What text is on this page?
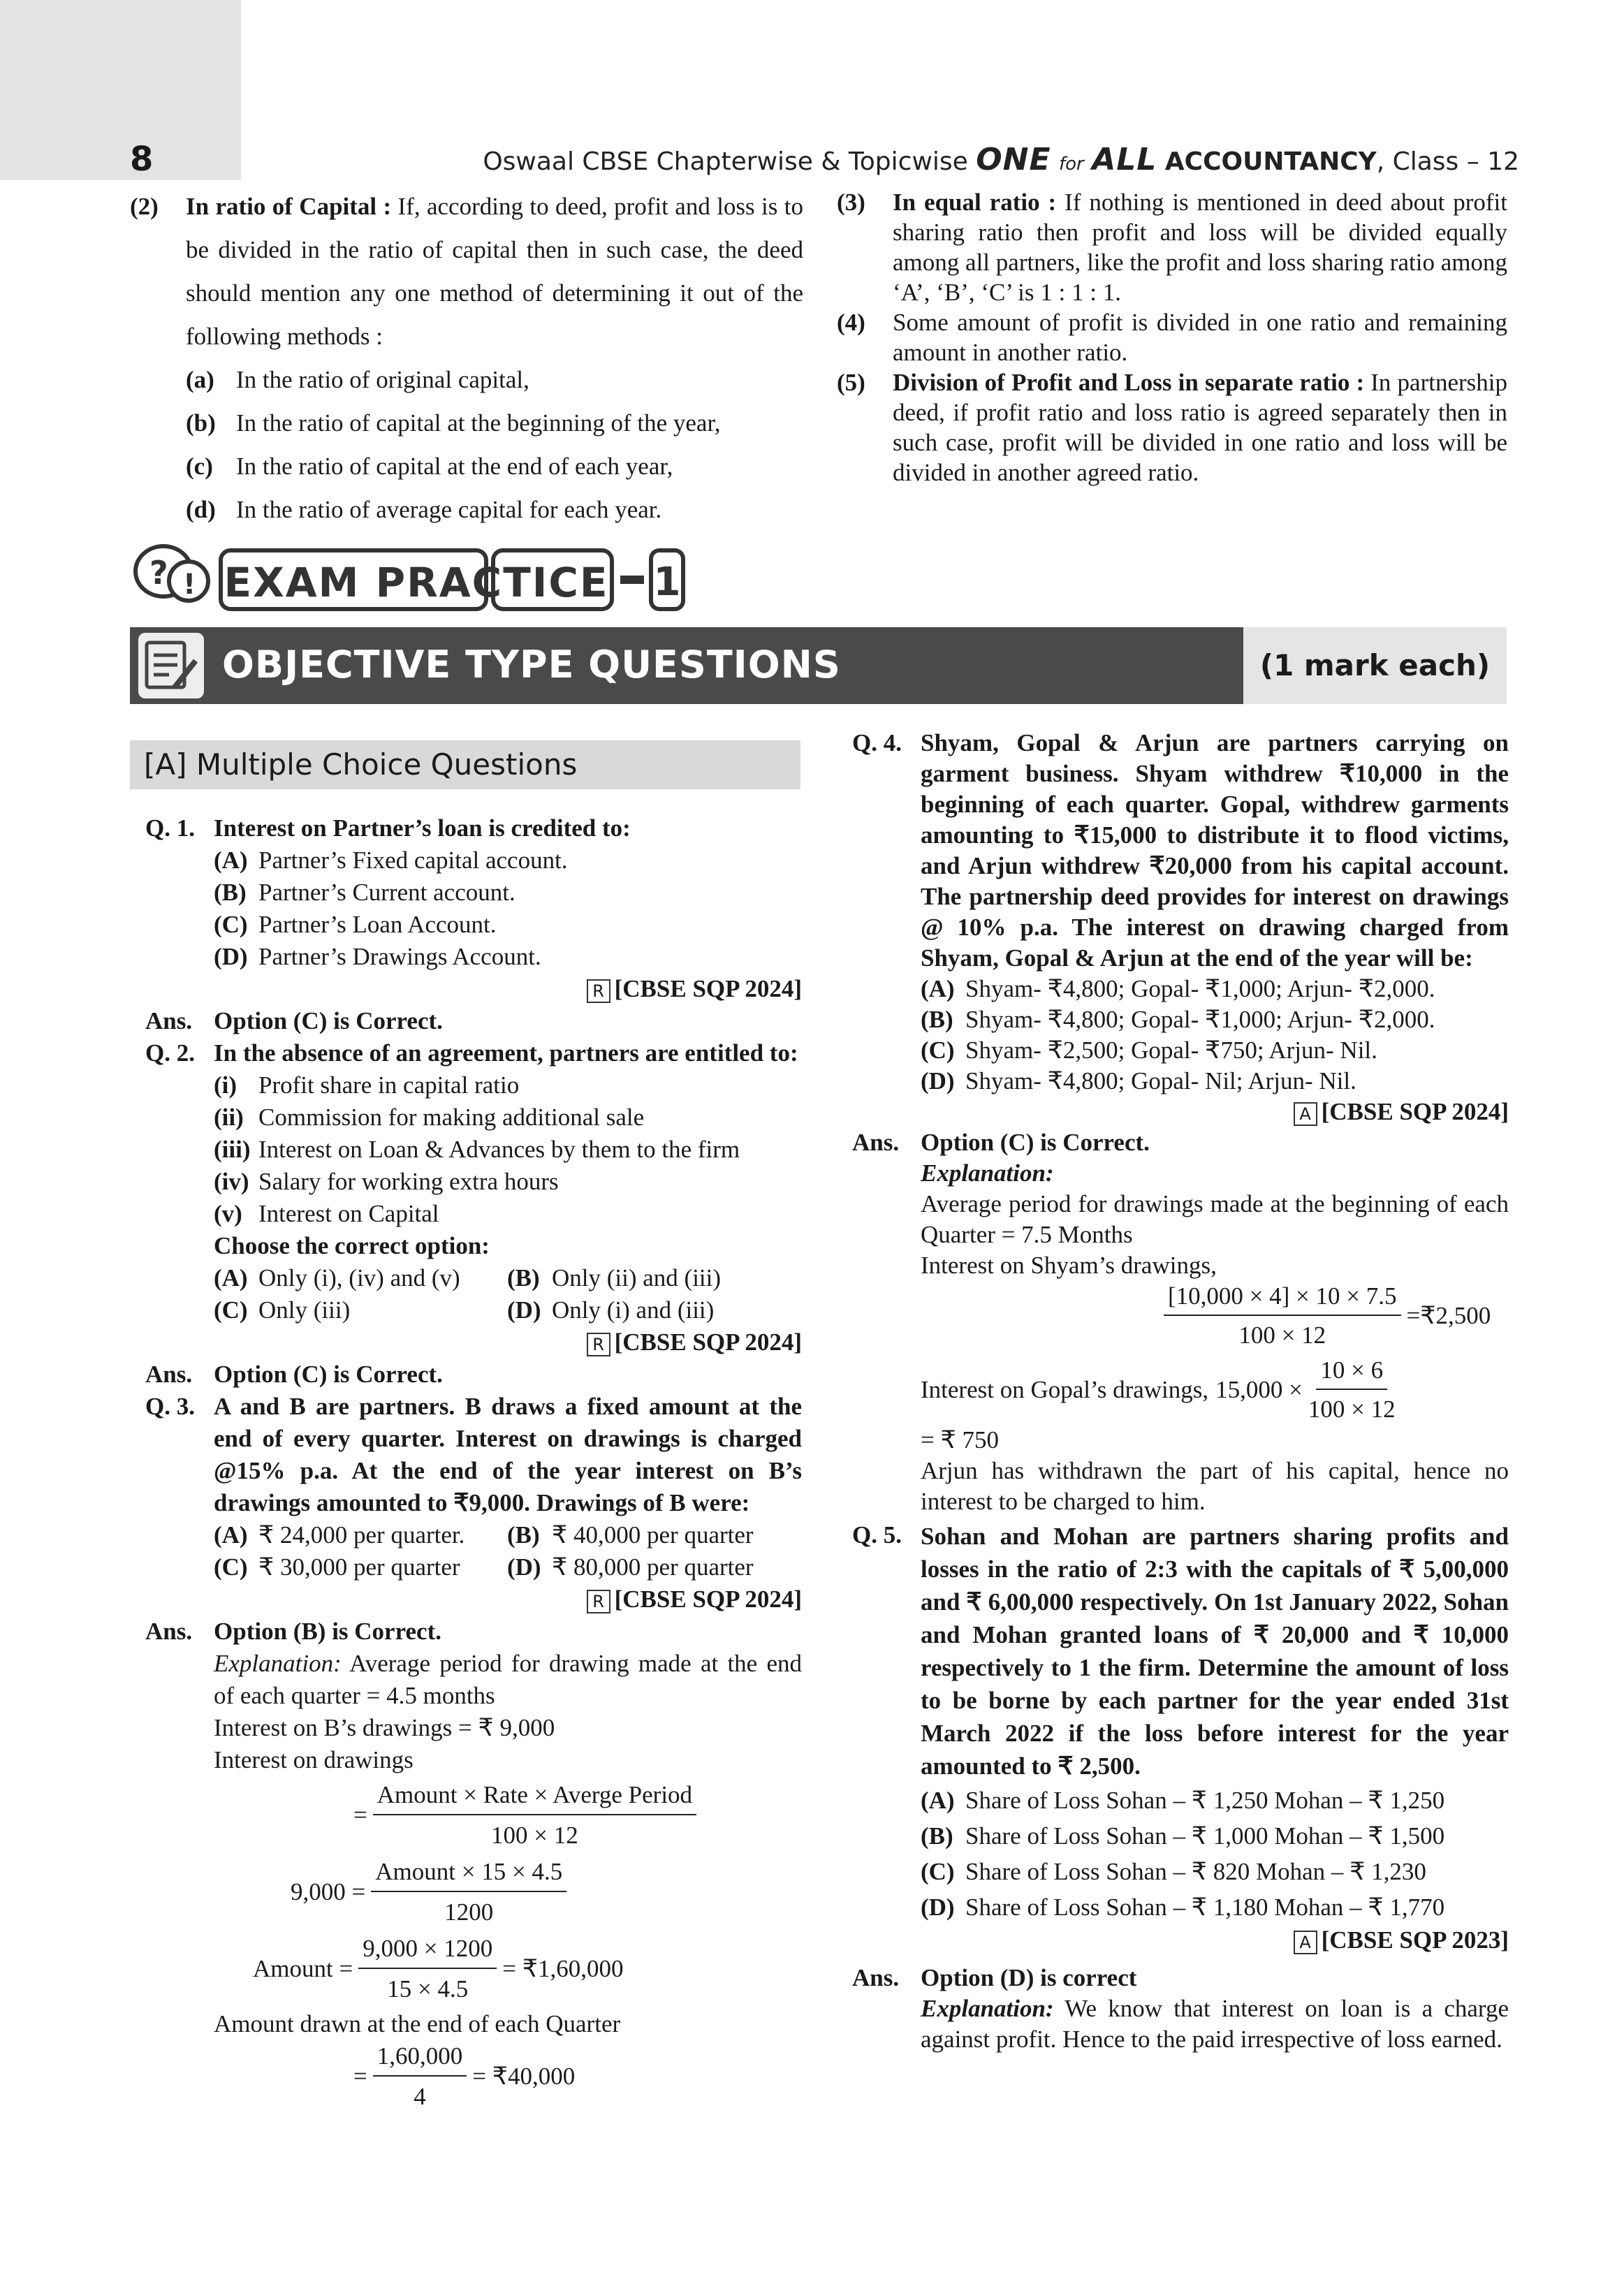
8	Oswaal CBSE Chapterwise & Topicwise ONE for ALL ACCOUNTANCY, Class – 12
(2)	In ratio of Capital : If, according to deed, profit and loss is to be divided in the ratio of capital then in such case, the deed should mention any one method of determining it out of the following methods :
(a) In the ratio of original capital,
(b) In the ratio of capital at the beginning of the year,
(c) In the ratio of capital at the end of each year,
(d) In the ratio of average capital for each year.
(3)	In equal ratio : If nothing is mentioned in deed about profit sharing ratio then profit and loss will be divided equally among all partners, like the profit and loss sharing ratio among ‘A’, ‘B’, ‘C’ is 1 : 1 : 1.
(4)	Some amount of profit is divided in one ratio and remaining amount in another ratio.
(5)	Division of Profit and Loss in separate ratio : In partnership deed, if profit ratio and loss ratio is agreed separately then in such case, profit will be divided in one ratio and loss will be divided in another agreed ratio.
? ! EXAM PRACTICE 1
OBJECTIVE TYPE QUESTIONS	(1 mark each)
[A] Multiple Choice Questions
Q. 1. Interest on Partner’s loan is credited to:
(A) Partner’s Fixed capital account.
(B) Partner’s Current account.
(C) Partner’s Loan Account.
(D) Partner’s Drawings Account.
R [CBSE SQP 2024]
Ans. Option (C) is Correct.
Q. 2. In the absence of an agreement, partners are entitled to:
(i) Profit share in capital ratio
(ii) Commission for making additional sale
(iii) Interest on Loan & Advances by them to the firm
(iv) Salary for working extra hours
(v) Interest on Capital
Choose the correct option:
(A) Only (i), (iv) and (v) (B) Only (ii) and (iii)
(C) Only (iii)	(D) Only (i) and (iii)
R [CBSE SQP 2024]
Ans. Option (C) is Correct.
Q. 3. A and B are partners. B draws a fixed amount at the end of every quarter. Interest on drawings is charged @15% p.a. At the end of the year interest on B’s drawings amounted to ₹9,000. Drawings of B were:
(A) ₹ 24,000 per quarter. (B) ₹ 40,000 per quarter
(C) ₹ 30,000 per quarter (D) ₹ 80,000 per quarter
R [CBSE SQP 2024]
Ans. Option (B) is Correct.
Explanation: Average period for drawing made at the end of each quarter = 4.5 months
Interest on B’s drawings = ₹ 9,000
Interest on drawings
= $\frac{\text{Amount × Rate × Averge Period}}{100 \times 12}$
$9,000 = \frac{\text{Amount × 15 × 4.5}}{1200}$
Amount = $\frac{9,000 \times 1200}{15 \times 4.5}$ = ₹1,60,000
Amount drawn at the end of each Quarter
= $\frac{1,60,000}{4}$ = ₹40,000
Q. 4. Shyam, Gopal & Arjun are partners carrying on garment business. Shyam withdrew ₹10,000 in the beginning of each quarter. Gopal, withdrew garments amounting to ₹15,000 to distribute it to flood victims, and Arjun withdrew ₹20,000 from his capital account. The partnership deed provides for interest on drawings @ 10% p.a. The interest on drawing charged from Shyam, Gopal & Arjun at the end of the year will be:
(A) Shyam- ₹4,800; Gopal- ₹1,000; Arjun- ₹2,000.
(B) Shyam- ₹4,800; Gopal- ₹1,000; Arjun- ₹2,000.
(C) Shyam- ₹2,500; Gopal- ₹750; Arjun- Nil.
(D) Shyam- ₹4,800; Gopal- Nil; Arjun- Nil.
A [CBSE SQP 2024]
Ans. Option (C) is Correct.
Explanation:
Average period for drawings made at the beginning of each Quarter = 7.5 Months
Interest on Shyam’s drawings,
$\frac{[10,000 \times 4] \times 10 \times 7.5}{100 \times 12}$ =₹2,500
Interest on Gopal’s drawings, $15,000 \times \frac{10 \times 6}{100 \times 12}$
= ₹ 750
Arjun has withdrawn the part of his capital, hence no interest to be charged to him.
Q. 5. Sohan and Mohan are partners sharing profits and losses in the ratio of 2:3 with the capitals of ₹ 5,00,000 and ₹ 6,00,000 respectively. On 1st January 2022, Sohan and Mohan granted loans of ₹ 20,000 and ₹ 10,000 respectively to 1 the firm. Determine the amount of loss to be borne by each partner for the year ended 31st March 2022 if the loss before interest for the year amounted to ₹ 2,500.
(A) Share of Loss Sohan – ₹ 1,250 Mohan – ₹ 1,250
(B) Share of Loss Sohan – ₹ 1,000 Mohan – ₹ 1,500
(C) Share of Loss Sohan – ₹ 820 Mohan – ₹ 1,230
(D) Share of Loss Sohan – ₹ 1,180 Mohan – ₹ 1,770
A [CBSE SQP 2023]
Ans. Option (D) is correct
Explanation: We know that interest on loan is a charge against profit. Hence to the paid irrespective of loss earned.
